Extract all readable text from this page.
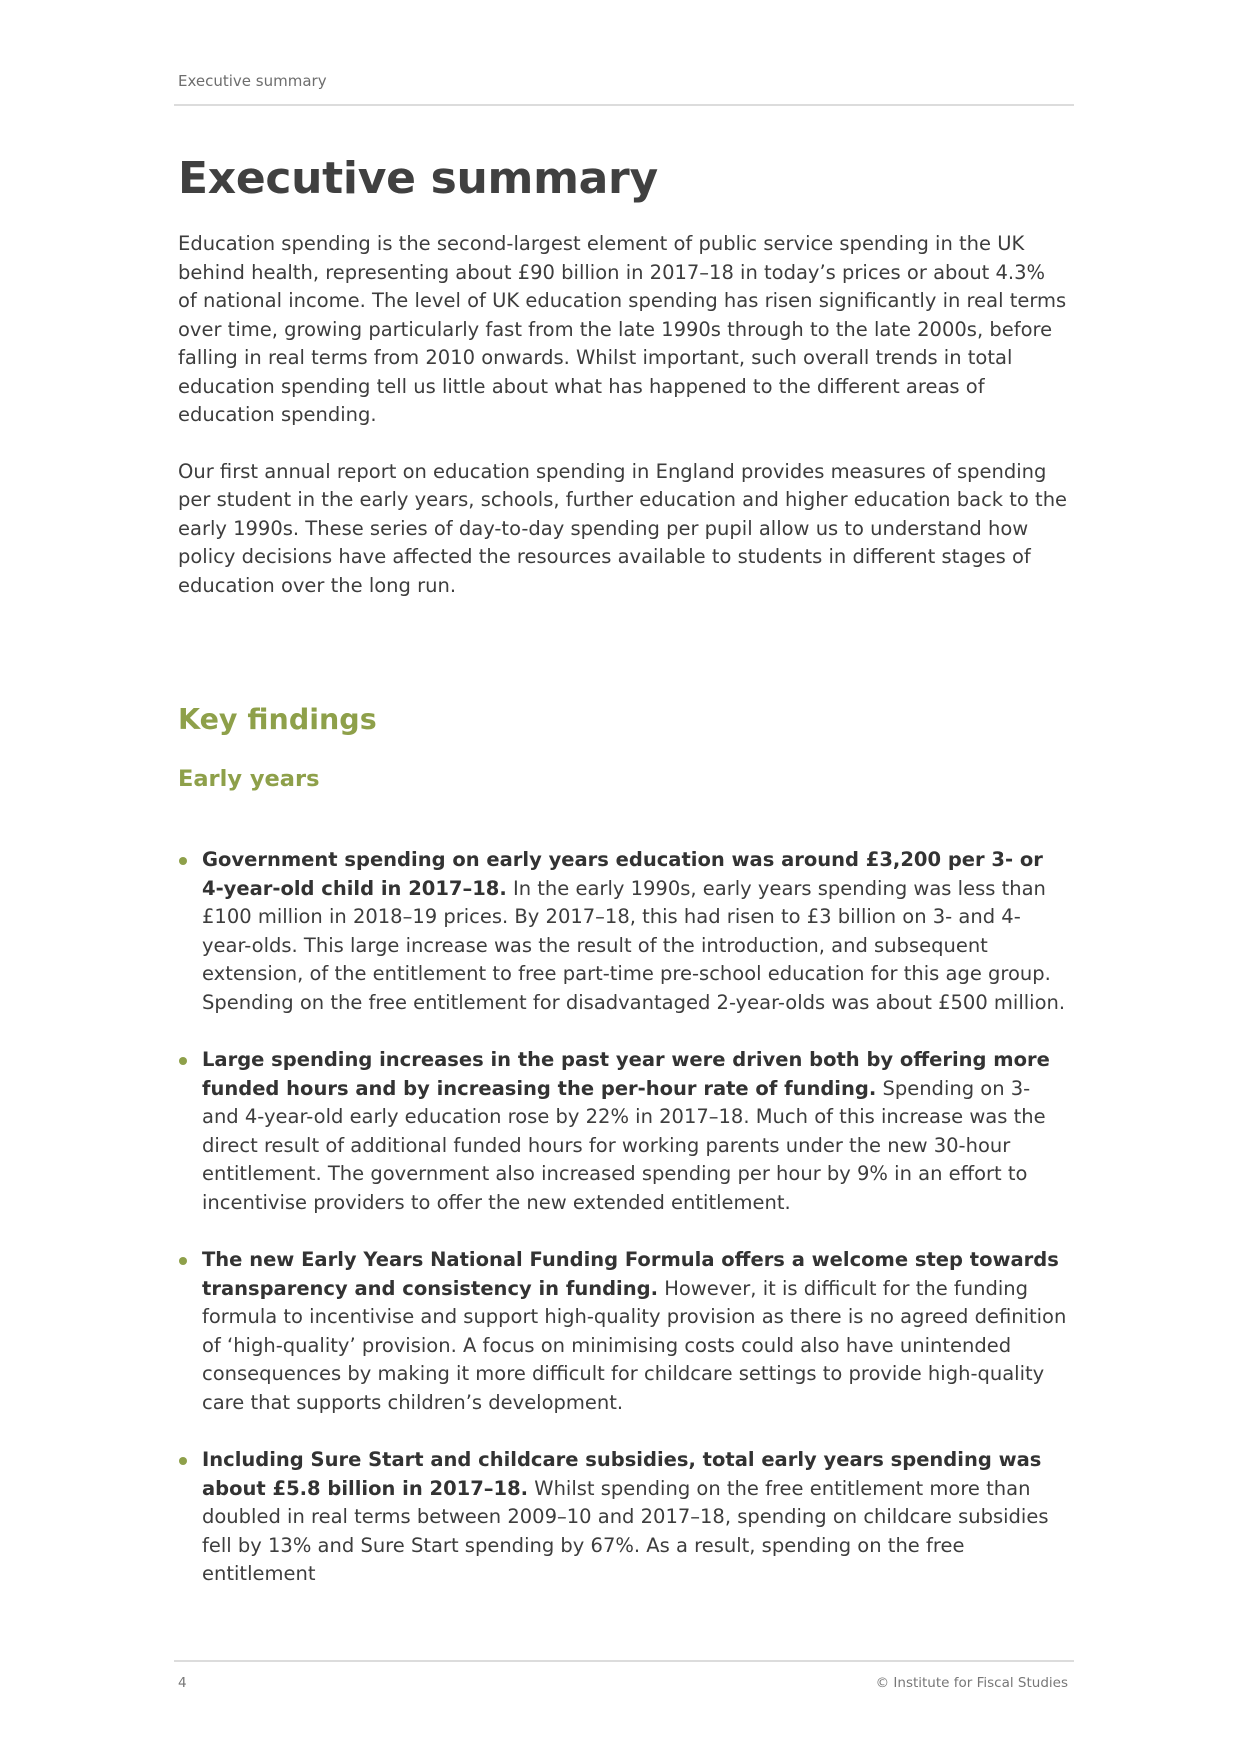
Executive summary
Executive summary

Education spending is the second-largest element of public service spending in the UK behind health, representing about £90 billion in 2017–18 in today’s prices or about 4.3% of national income. The level of UK education spending has risen significantly in real terms over time, growing particularly fast from the late 1990s through to the late 2000s, before falling in real terms from 2010 onwards. Whilst important, such overall trends in total education spending tell us little about what has happened to the different areas of education spending.

Our first annual report on education spending in England provides measures of spending per student in the early years, schools, further education and higher education back to the early 1990s. These series of day-to-day spending per pupil allow us to understand how policy decisions have affected the resources available to students in different stages of education over the long run.

Key findings
Early years
Government spending on early years education was around £3,200 per 3- or 4-year-old child in 2017–18. In the early 1990s, early years spending was less than £100 million in 2018–19 prices. By 2017–18, this had risen to £3 billion on 3- and 4-year-olds. This large increase was the result of the introduction, and subsequent extension, of the entitlement to free part-time pre-school education for this age group. Spending on the free entitlement for disadvantaged 2-year-olds was about £500 million.
Large spending increases in the past year were driven both by offering more funded hours and by increasing the per-hour rate of funding. Spending on 3- and 4-year-old early education rose by 22% in 2017–18. Much of this increase was the direct result of additional funded hours for working parents under the new 30-hour entitlement. The government also increased spending per hour by 9% in an effort to incentivise providers to offer the new extended entitlement.
The new Early Years National Funding Formula offers a welcome step towards transparency and consistency in funding. However, it is difficult for the funding formula to incentivise and support high-quality provision as there is no agreed definition of ‘high-quality’ provision. A focus on minimising costs could also have unintended consequences by making it more difficult for childcare settings to provide high-quality care that supports children’s development.
Including Sure Start and childcare subsidies, total early years spending was about £5.8 billion in 2017–18. Whilst spending on the free entitlement more than doubled in real terms between 2009–10 and 2017–18, spending on childcare subsidies fell by 13% and Sure Start spending by 67%. As a result, spending on the free entitlement
4	© Institute for Fiscal Studies
